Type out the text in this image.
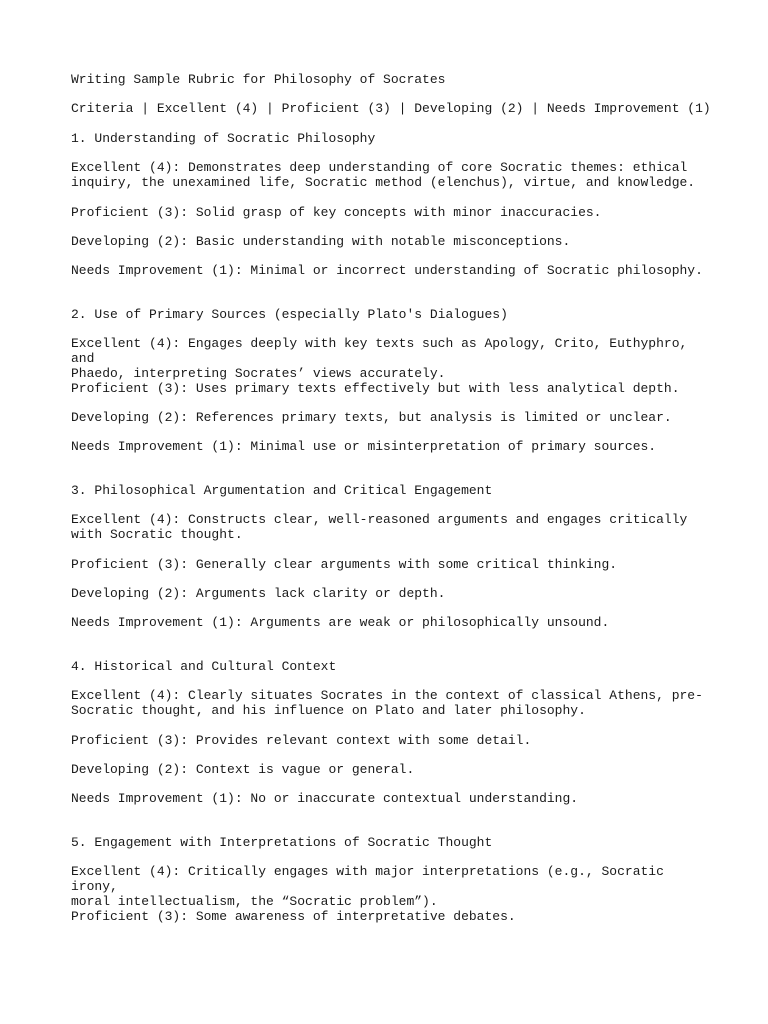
Writing Sample Rubric for Philosophy of Socrates

Criteria | Excellent (4) | Proficient (3) | Developing (2) | Needs Improvement (1)

1. Understanding of Socratic Philosophy

Excellent (4): Demonstrates deep understanding of core Socratic themes: ethical
inquiry, the unexamined life, Socratic method (elenchus), virtue, and knowledge.

Proficient (3): Solid grasp of key concepts with minor inaccuracies.

Developing (2): Basic understanding with notable misconceptions.

Needs Improvement (1): Minimal or incorrect understanding of Socratic philosophy.

2. Use of Primary Sources (especially Plato's Dialogues)

Excellent (4): Engages deeply with key texts such as Apology, Crito, Euthyphro, and
Phaedo, interpreting Socrates’ views accurately.

Proficient (3): Uses primary texts effectively but with less analytical depth.

Developing (2): References primary texts, but analysis is limited or unclear.

Needs Improvement (1): Minimal use or misinterpretation of primary sources.

3. Philosophical Argumentation and Critical Engagement

Excellent (4): Constructs clear, well-reasoned arguments and engages critically
with Socratic thought.

Proficient (3): Generally clear arguments with some critical thinking.

Developing (2): Arguments lack clarity or depth.

Needs Improvement (1): Arguments are weak or philosophically unsound.

4. Historical and Cultural Context

Excellent (4): Clearly situates Socrates in the context of classical Athens, pre-
Socratic thought, and his influence on Plato and later philosophy.

Proficient (3): Provides relevant context with some detail.

Developing (2): Context is vague or general.

Needs Improvement (1): No or inaccurate contextual understanding.

5. Engagement with Interpretations of Socratic Thought

Excellent (4): Critically engages with major interpretations (e.g., Socratic irony,
moral intellectualism, the “Socratic problem”).

Proficient (3): Some awareness of interpretative debates.
